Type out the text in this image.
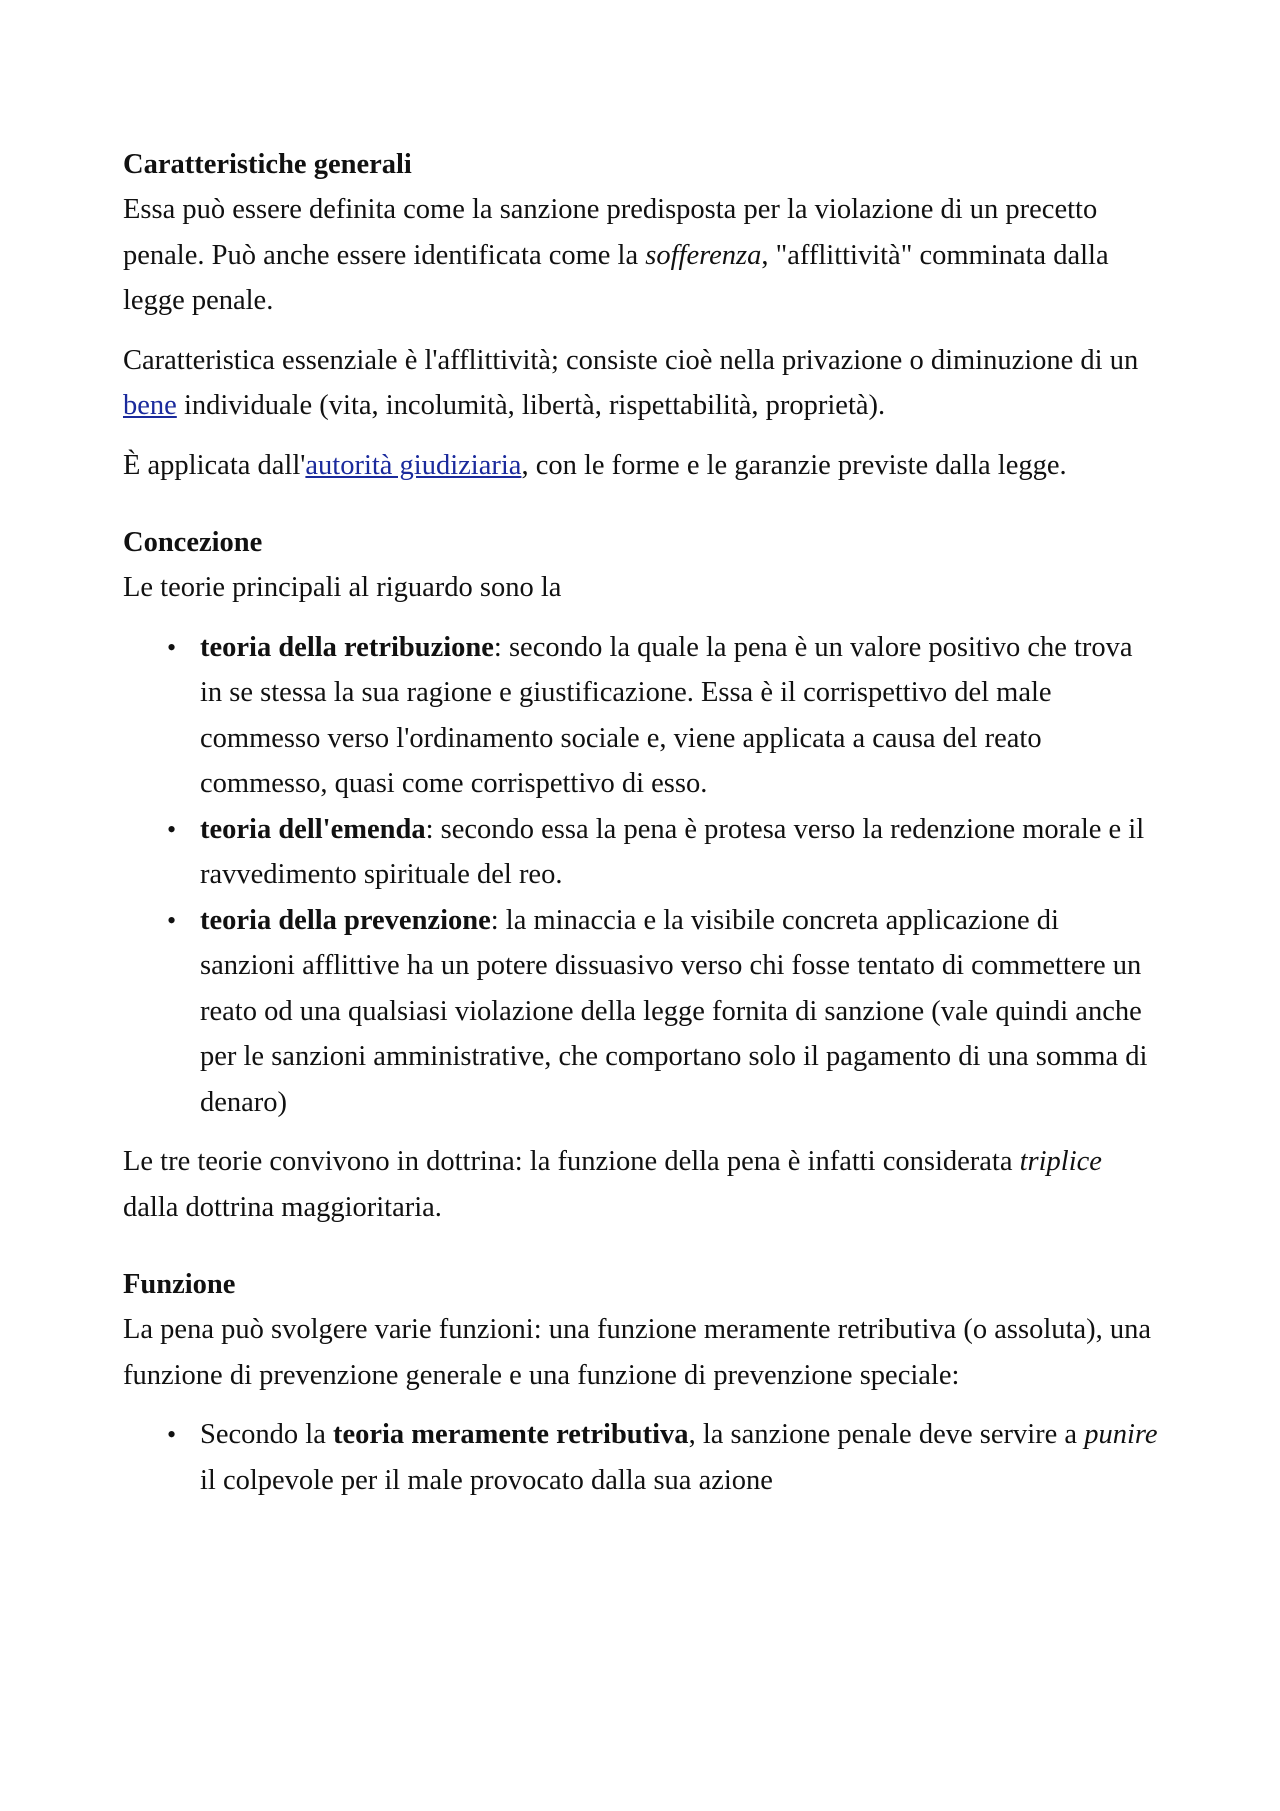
Caratteristiche generali

Essa può essere definita come la sanzione predisposta per la violazione di un precetto penale. Può anche essere identificata come la sofferenza, "afflittività" comminata dalla legge penale.

Caratteristica essenziale è l'afflittività; consiste cioè nella privazione o diminuzione di un bene individuale (vita, incolumità, libertà, rispettabilità, proprietà).

È applicata dall'autorità giudiziaria, con le forme e le garanzie previste dalla legge.

Concezione

Le teorie principali al riguardo sono la

• teoria della retribuzione: secondo la quale la pena è un valore positivo che trova in se stessa la sua ragione e giustificazione. Essa è il corrispettivo del male commesso verso l'ordinamento sociale e, viene applicata a causa del reato commesso, quasi come corrispettivo di esso.
• teoria dell'emenda: secondo essa la pena è protesa verso la redenzione morale e il ravvedimento spirituale del reo.
• teoria della prevenzione: la minaccia e la visibile concreta applicazione di sanzioni afflittive ha un potere dissuasivo verso chi fosse tentato di commettere un reato od una qualsiasi violazione della legge fornita di sanzione (vale quindi anche per le sanzioni amministrative, che comportano solo il pagamento di una somma di denaro)

Le tre teorie convivono in dottrina: la funzione della pena è infatti considerata triplice dalla dottrina maggioritaria.

Funzione

La pena può svolgere varie funzioni: una funzione meramente retributiva (o assoluta), una funzione di prevenzione generale e una funzione di prevenzione speciale:

• Secondo la teoria meramente retributiva, la sanzione penale deve servire a punire il colpevole per il male provocato dalla sua azione
